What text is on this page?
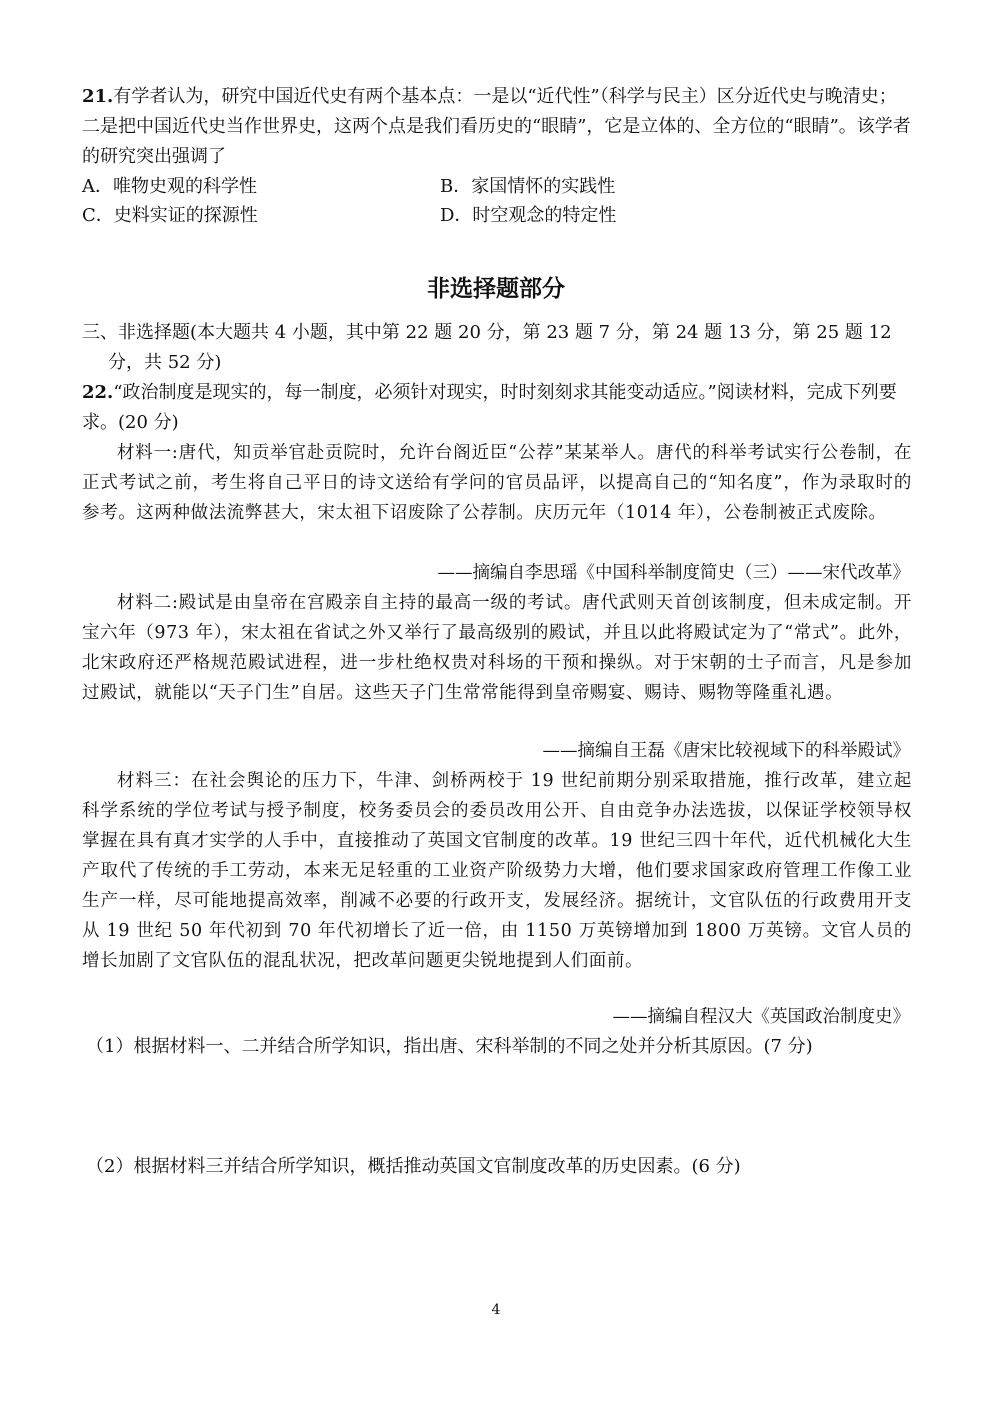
21.有学者认为，研究中国近代史有两个基本点：一是以“近代性”（科学与民主）区分近代史与晚清史；二是把中国近代史当作世界史，这两个点是我们看历史的“眼睛”，它是立体的、全方位的“眼睛”。该学者的研究突出强调了
A．唯物史观的科学性	B．家国情怀的实践性
C．史料实证的探源性	D．时空观念的特定性
非选择题部分
三、非选择题(本大题共 4 小题，其中第 22 题 20 分，第 23 题 7 分，第 24 题 13 分，第 25 题 12 分，共 52 分)
22.“政治制度是现实的，每一制度，必须针对现实，时时刻刻求其能变动适应。”阅读材料，完成下列要求。(20 分)
材料一:唐代，知贡举官赴贡院时，允许台阁近臣“公荐”某某举人。唐代的科举考试实行公卷制，在正式考试之前，考生将自己平日的诗文送给有学问的官员品评，以提高自己的“知名度”，作为录取时的参考。这两种做法流弊甚大，宋太祖下诏废除了公荐制。庆历元年（1014 年），公卷制被正式废除。
——摘编自李思瑶《中国科举制度简史（三）——宋代改革》
材料二:殿试是由皇帝在宫殿亲自主持的最高一级的考试。唐代武则天首创该制度，但未成定制。开宝六年（973 年），宋太祖在省试之外又举行了最高级别的殿试，并且以此将殿试定为了“常式”。此外，北宋政府还严格规范殿试进程，进一步杜绝权贵对科场的干预和操纵。对于宋朝的士子而言，凡是参加过殿试，就能以“天子门生”自居。这些天子门生常常能得到皇帝赐宴、赐诗、赐物等隆重礼遇。
——摘编自王磊《唐宋比较视域下的科举殿试》
材料三：在社会舆论的压力下，牛津、剑桥两校于 19 世纪前期分别采取措施，推行改革，建立起科学系统的学位考试与授予制度，校务委员会的委员改用公开、自由竞争办法选拔，以保证学校领导权掌握在具有真才实学的人手中，直接推动了英国文官制度的改革。19 世纪三四十年代，近代机械化大生产取代了传统的手工劳动，本来无足轻重的工业资产阶级势力大增，他们要求国家政府管理工作像工业生产一样，尽可能地提高效率，削减不必要的行政开支，发展经济。据统计，文官队伍的行政费用开支从 19 世纪 50 年代初到 70 年代初增长了近一倍，由 1150 万英镑增加到 1800 万英镑。文官人员的增长加剧了文官队伍的混乱状况，把改革问题更尖锐地提到人们面前。
——摘编自程汉大《英国政治制度史》
（1）根据材料一、二并结合所学知识，指出唐、宋科举制的不同之处并分析其原因。(7 分)
（2）根据材料三并结合所学知识，概括推动英国文官制度改革的历史因素。(6 分)
4
